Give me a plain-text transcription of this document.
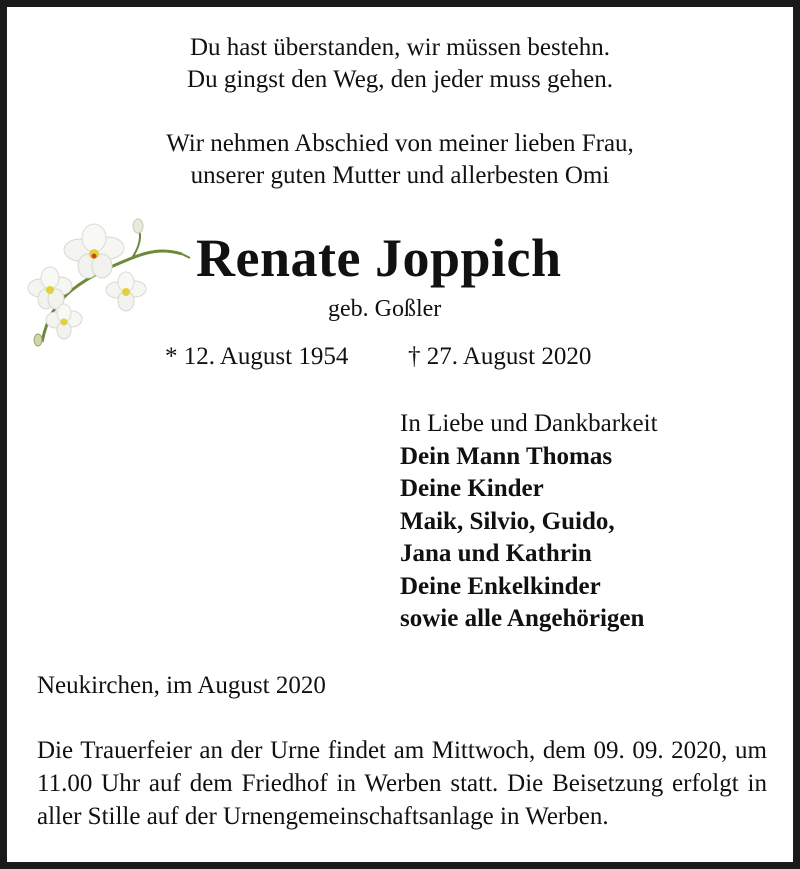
Du hast überstanden, wir müssen bestehn.

Du gingst den Weg, den jeder muss gehen.

Wir nehmen Abschied von meiner lieben Frau,

unserer guten Mutter und allerbesten Omi

Renate Joppich

geb. Goßler

* 12. August 1954 † 27. August 2020

In Liebe und Dankbarkeit
Dein Mann Thomas
Deine Kinder
Maik, Silvio, Guido,
Jana und Kathrin
Deine Enkelkinder
sowie alle Angehörigen

Neukirchen, im August 2020

Die Trauerfeier an der Urne findet am Mittwoch, dem 09. 09. 2020, um 11.00 Uhr auf dem Friedhof in Werben statt. Die Beisetzung erfolgt in aller Stille auf der Urnengemeinschaftsanlage in Werben.
